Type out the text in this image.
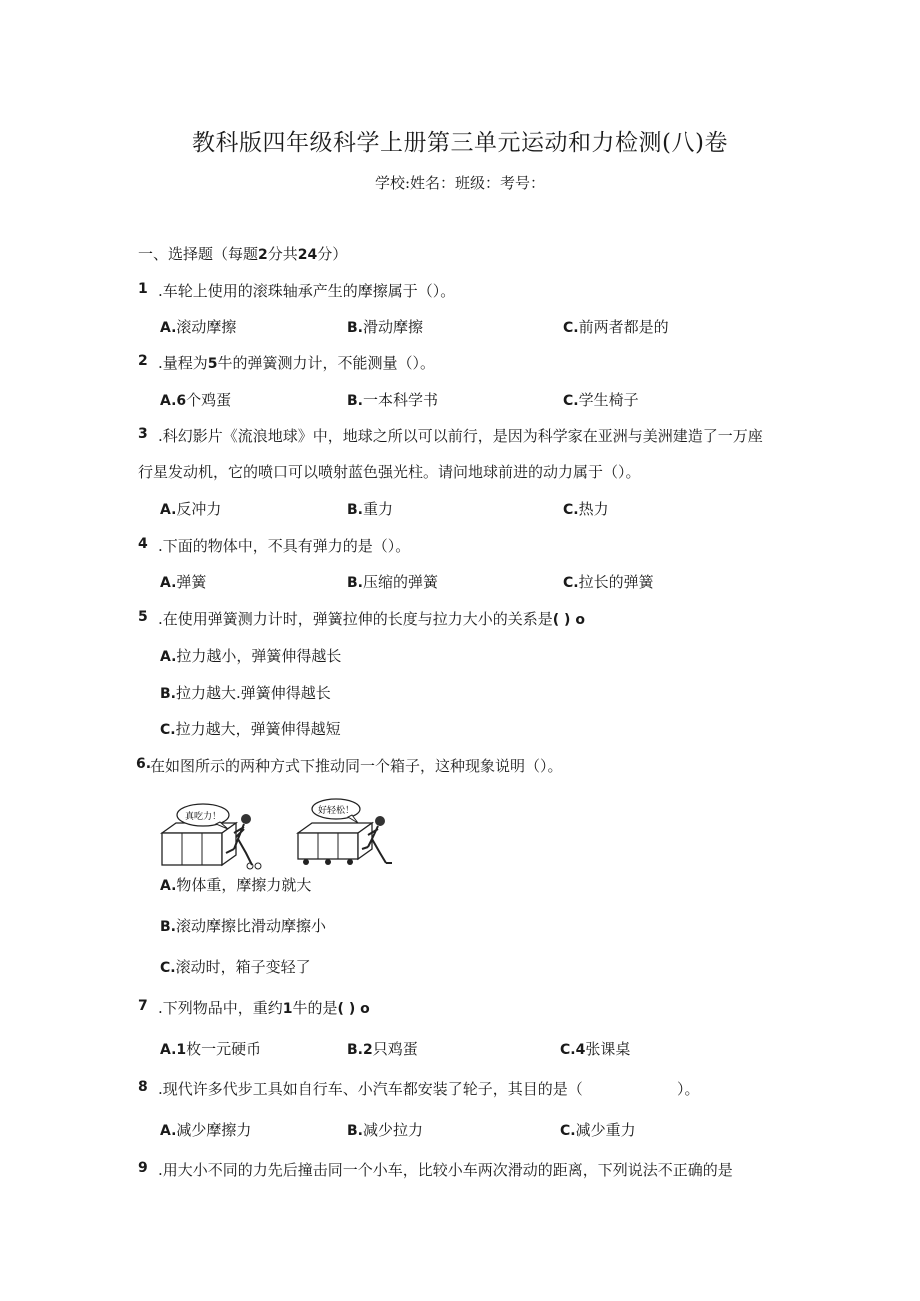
教科版四年级科学上册第三单元运动和力检测(八)卷
学校:姓名：班级：考号：
一、选择题（每题2分共24分）
1 .车轮上使用的滚珠轴承产生的摩擦属于（）。
A.滚动摩擦	B.滑动摩擦	C.前两者都是的
2 .量程为5牛的弹簧测力计，不能测量（）。
A.6个鸡蛋	B.一本科学书	C.学生椅子
3 .科幻影片《流浪地球》中，地球之所以可以前行，是因为科学家在亚洲与美洲建造了一万座
行星发动机，它的喷口可以喷射蓝色强光柱。请问地球前进的动力属于（）。
A.反冲力	B.重力	C.热力
4 .下面的物体中，不具有弹力的是（）。
A.弹簧	B.压缩的弹簧	C.拉长的弹簧
5 .在使用弹簧测力计时，弹簧拉伸的长度与拉力大小的关系是( ) o
A.拉力越小，弹簧伸得越长
B.拉力越大.弹簧伸得越长
C.拉力越大，弹簧伸得越短
6.
在如图所示的两种方式下推动同一个箱子，这种现象说明（）。
真吃力！
好轻松！
A.物体重，摩擦力就大
B.滚动摩擦比滑动摩擦小
C.滚动时，箱子变轻了
7 .下列物品中，重约1牛的是( ) o
A.1枚一元硬币	B.2只鸡蛋	C.4张课桌
8 .现代许多代步工具如自行车、小汽车都安装了轮子，其目的是（	）。
A.减少摩擦力	B.减少拉力	C.减少重力
9 .用大小不同的力先后撞击同一个小车，比较小车两次滑动的距离，下列说法不正确的是
